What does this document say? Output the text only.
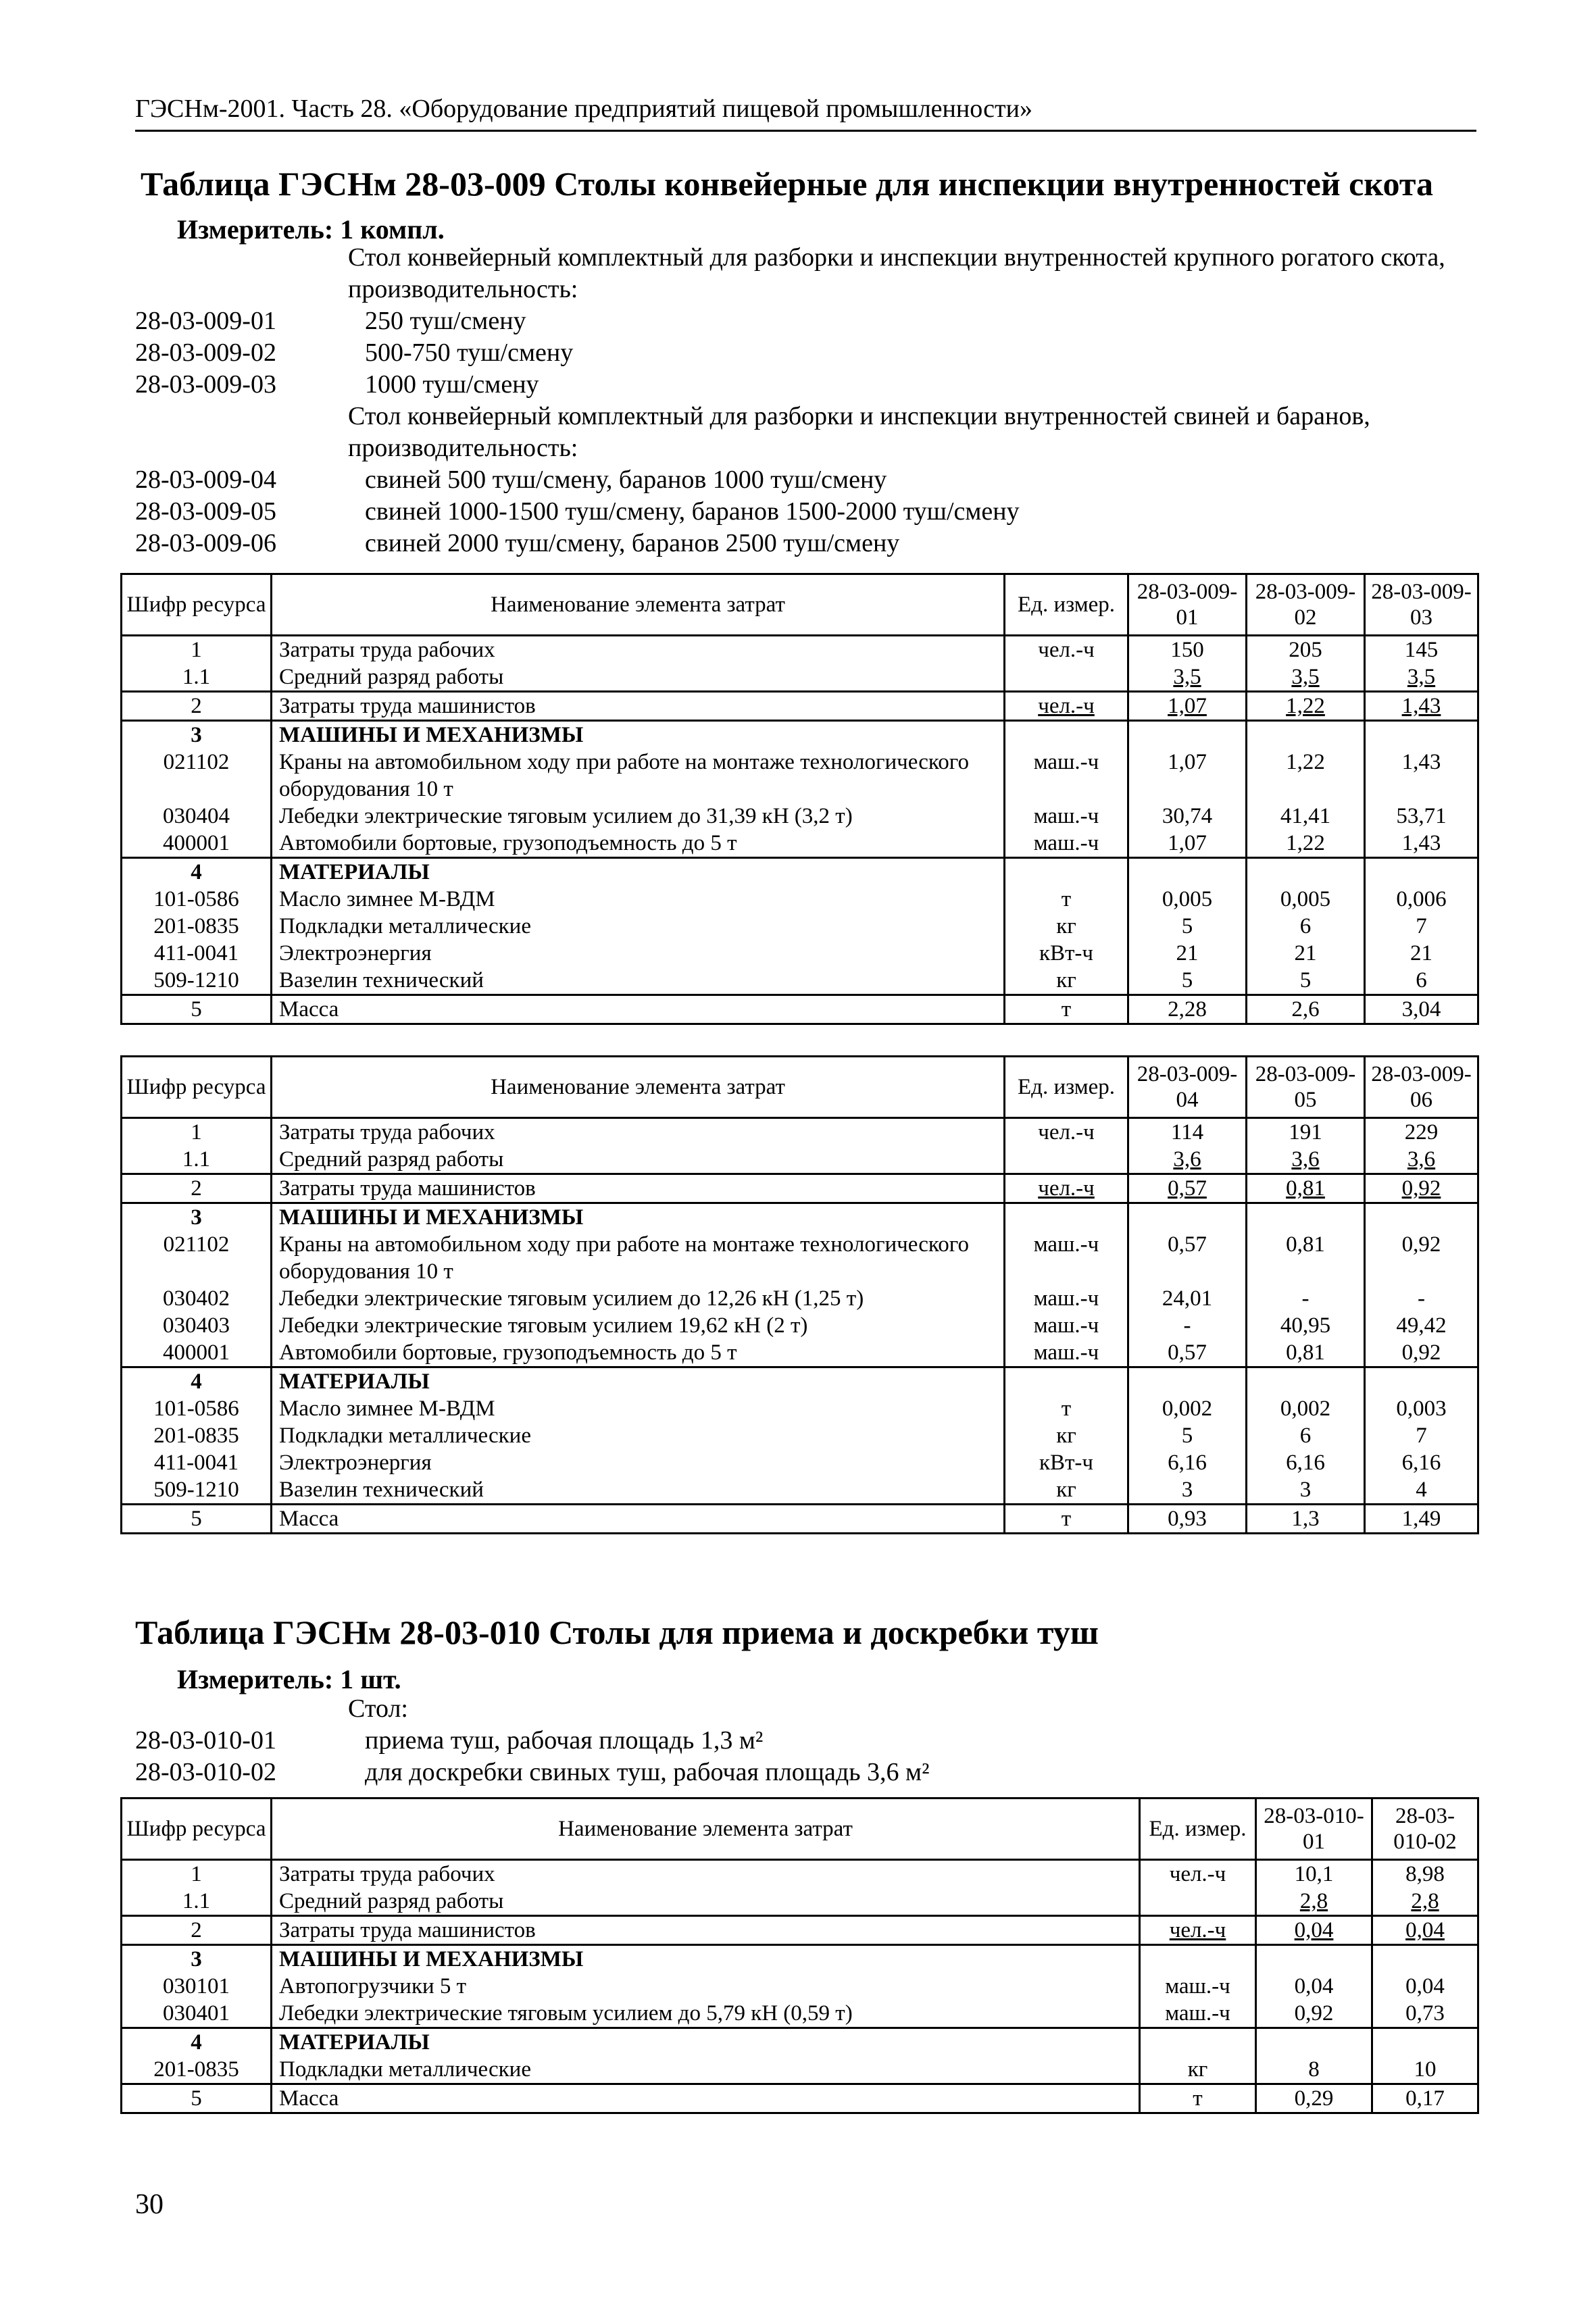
ГЭСНм-2001. Часть 28. «Оборудование предприятий пищевой промышленности»
Таблица ГЭСНм 28-03-009 Столы конвейерные для инспекции внутренностей скота
Измеритель: 1 компл.
Стол конвейерный комплектный для разборки и инспекции внутренностей крупного рогатого скота, производительность:
28-03-009-01	250 туш/смену
28-03-009-02	500-750 туш/смену
28-03-009-03	1000 туш/смену
Стол конвейерный комплектный для разборки и инспекции внутренностей свиней и баранов, производительность:
28-03-009-04	свиней 500 туш/смену, баранов 1000 туш/смену
28-03-009-05	свиней 1000-1500 туш/смену, баранов 1500-2000 туш/смену
28-03-009-06	свиней 2000 туш/смену, баранов 2500 туш/смену
Шифр ресурса	Наименование элемента затрат	Ед. измер.	28-03-009-01	28-03-009-02	28-03-009-03
1	Затраты труда рабочих	чел.-ч	150	205	145
1.1	Средний разряд работы		3,5	3,5	3,5
2	Затраты труда машинистов	чел.-ч	1,07	1,22	1,43
3	МАШИНЫ И МЕХАНИЗМЫ				
021102	Краны на автомобильном ходу при работе на монтаже технологического оборудования 10 т	маш.-ч	1,07	1,22	1,43
030404	Лебедки электрические тяговым усилием до 31,39 кН (3,2 т)	маш.-ч	30,74	41,41	53,71
400001	Автомобили бортовые, грузоподъемность до 5 т	маш.-ч	1,07	1,22	1,43
4	МАТЕРИАЛЫ				
101-0586	Масло зимнее М-ВДМ	т	0,005	0,005	0,006
201-0835	Подкладки металлические	кг	5	6	7
411-0041	Электроэнергия	кВт-ч	21	21	21
509-1210	Вазелин технический	кг	5	5	6
5	Масса	т	2,28	2,6	3,04
Шифр ресурса	Наименование элемента затрат	Ед. измер.	28-03-009-04	28-03-009-05	28-03-009-06
1	Затраты труда рабочих	чел.-ч	114	191	229
1.1	Средний разряд работы		3,6	3,6	3,6
2	Затраты труда машинистов	чел.-ч	0,57	0,81	0,92
3	МАШИНЫ И МЕХАНИЗМЫ				
021102	Краны на автомобильном ходу при работе на монтаже технологического оборудования 10 т	маш.-ч	0,57	0,81	0,92
030402	Лебедки электрические тяговым усилием до 12,26 кН (1,25 т)	маш.-ч	24,01	-	-
030403	Лебедки электрические тяговым усилием 19,62 кН (2 т)	маш.-ч	-	40,95	49,42
400001	Автомобили бортовые, грузоподъемность до 5 т	маш.-ч	0,57	0,81	0,92
4	МАТЕРИАЛЫ				
101-0586	Масло зимнее М-ВДМ	т	0,002	0,002	0,003
201-0835	Подкладки металлические	кг	5	6	7
411-0041	Электроэнергия	кВт-ч	6,16	6,16	6,16
509-1210	Вазелин технический	кг	3	3	4
5	Масса	т	0,93	1,3	1,49
Таблица ГЭСНм 28-03-010 Столы для приема и доскребки туш
Измеритель: 1 шт.
Стол:
28-03-010-01	приема туш, рабочая площадь 1,3 м²
28-03-010-02	для доскребки свиных туш, рабочая площадь 3,6 м²
Шифр ресурса	Наименование элемента затрат	Ед. измер.	28-03-010-01	28-03-010-02
1	Затраты труда рабочих	чел.-ч	10,1	8,98
1.1	Средний разряд работы		2,8	2,8
2	Затраты труда машинистов	чел.-ч	0,04	0,04
3	МАШИНЫ И МЕХАНИЗМЫ			
030101	Автопогрузчики 5 т	маш.-ч	0,04	0,04
030401	Лебедки электрические тяговым усилием до 5,79 кН (0,59 т)	маш.-ч	0,92	0,73
4	МАТЕРИАЛЫ			
201-0835	Подкладки металлические	кг	8	10
5	Масса	т	0,29	0,17
30
